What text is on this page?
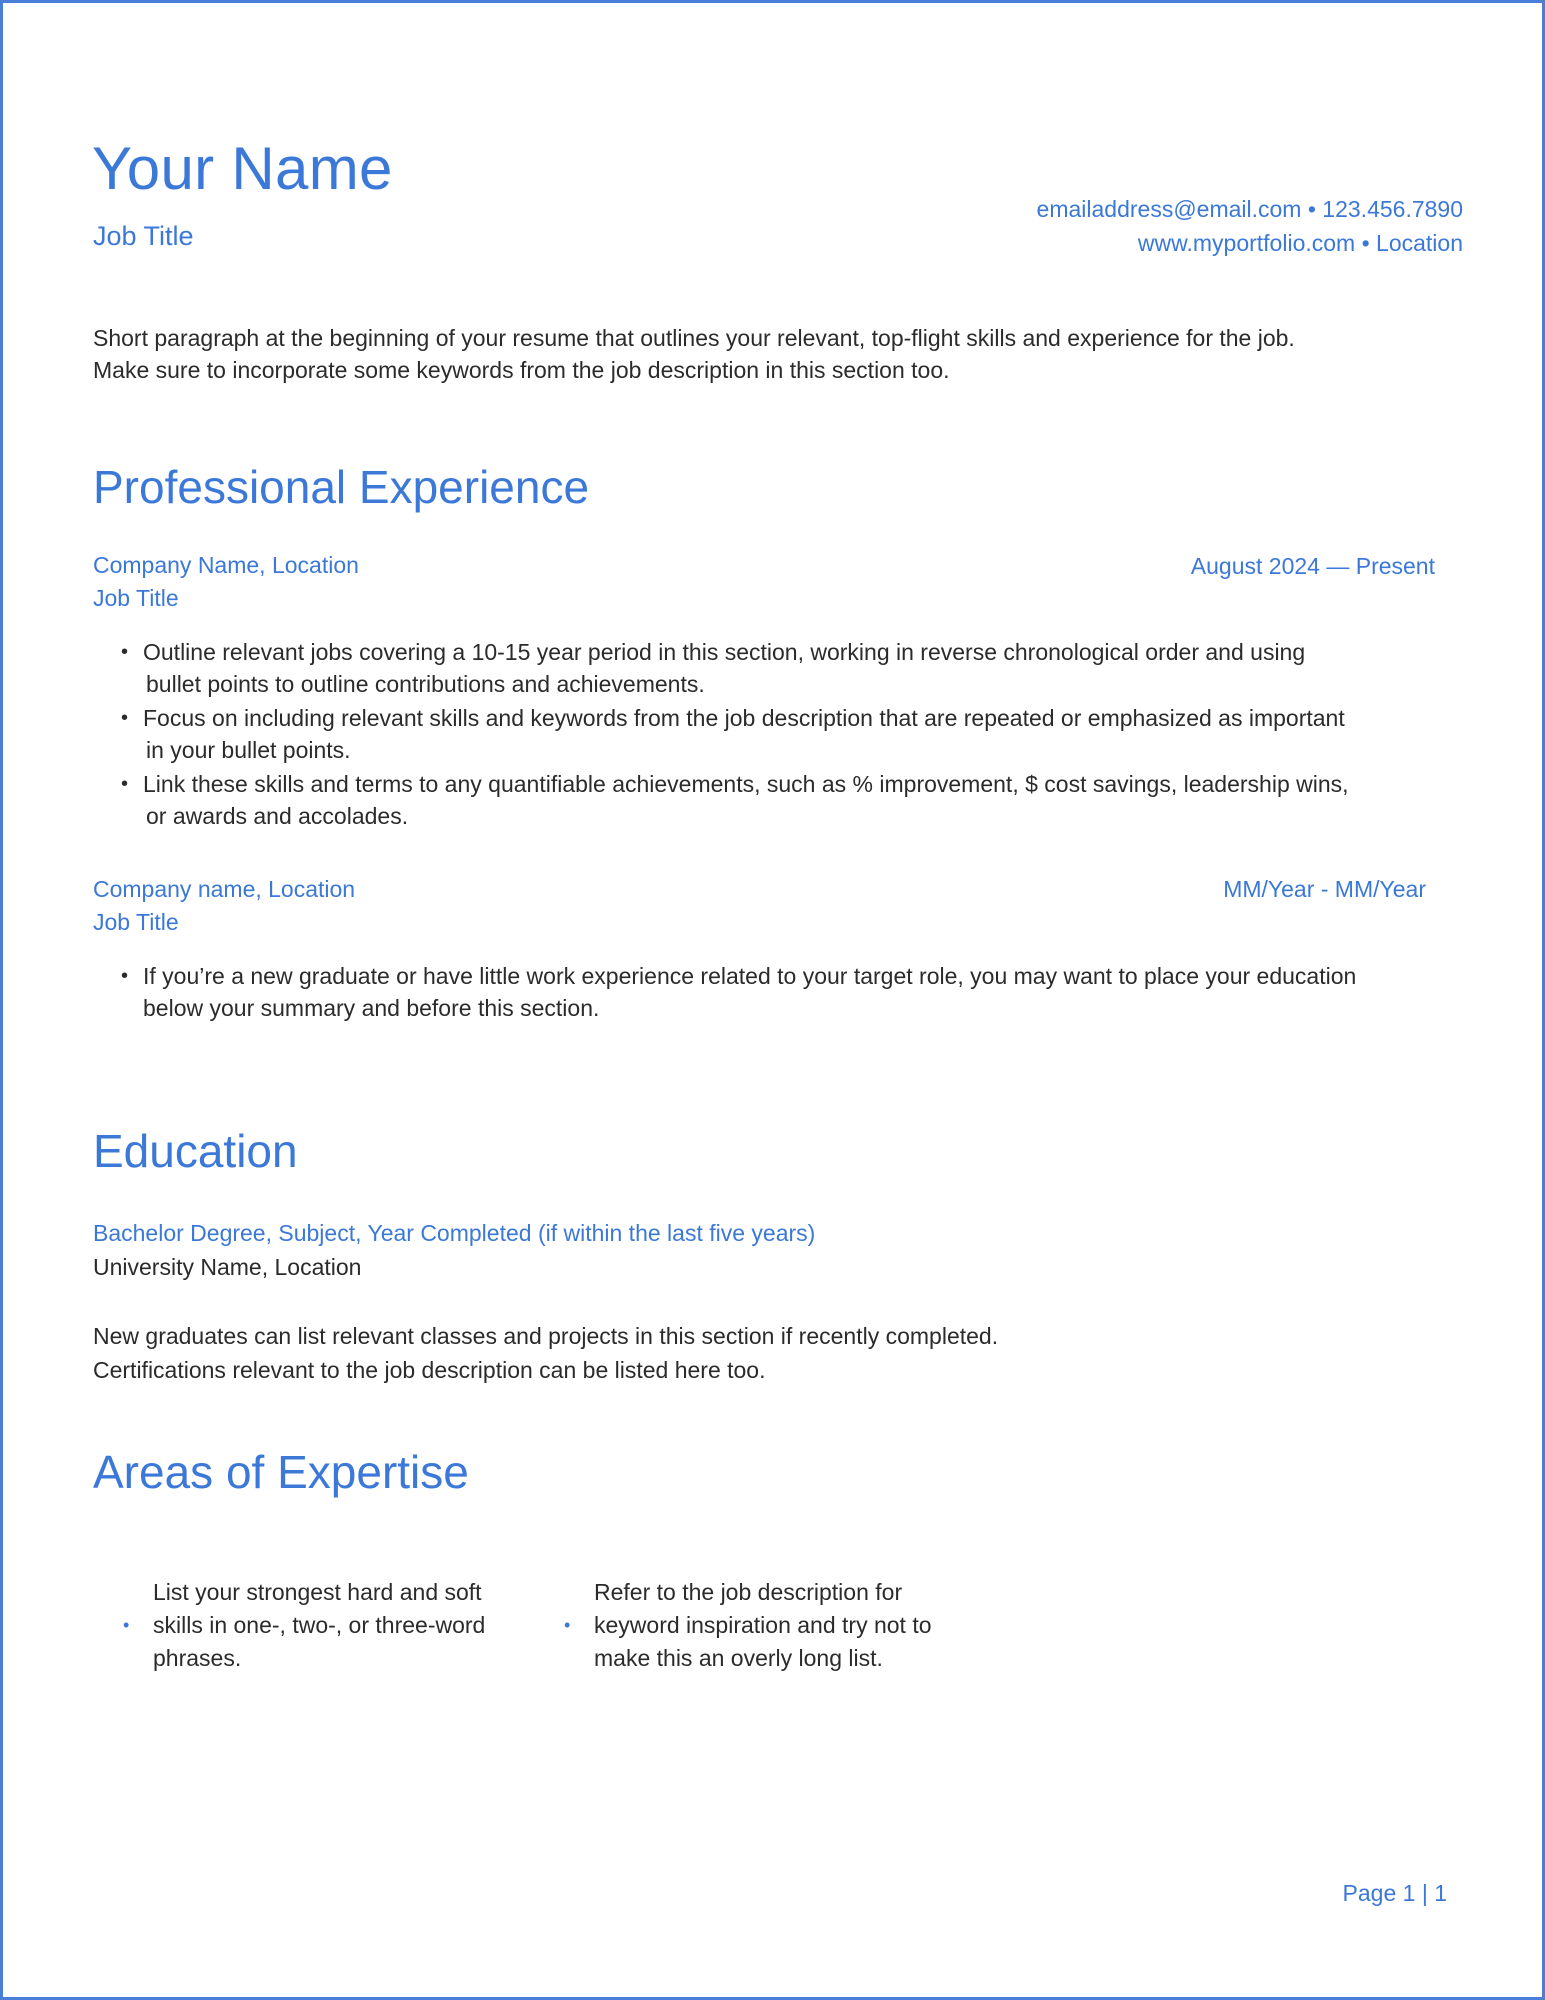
Your Name
Job Title
emailaddress@email.com • 123.456.7890
www.myportfolio.com • Location
Short paragraph at the beginning of your resume that outlines your relevant, top-flight skills and experience for the job.
Make sure to incorporate some keywords from the job description in this section too.
Professional Experience
Company Name, Location	August 2024 — Present
Job Title
• Outline relevant jobs covering a 10-15 year period in this section, working in reverse chronological order and using
bullet points to outline contributions and achievements.
• Focus on including relevant skills and keywords from the job description that are repeated or emphasized as important
in your bullet points.
• Link these skills and terms to any quantifiable achievements, such as % improvement, $ cost savings, leadership wins,
or awards and accolades.
Company name, Location	MM/Year - MM/Year
Job Title
• If you’re a new graduate or have little work experience related to your target role, you may want to place your education
below your summary and before this section.
Education
Bachelor Degree, Subject, Year Completed (if within the last five years)
University Name, Location
New graduates can list relevant classes and projects in this section if recently completed.
Certifications relevant to the job description can be listed here too.
Areas of Expertise
•
List your strongest hard and soft
skills in one-, two-, or three-word
phrases.
•
Refer to the job description for
keyword inspiration and try not to
make this an overly long list.
Page 1 | 1
